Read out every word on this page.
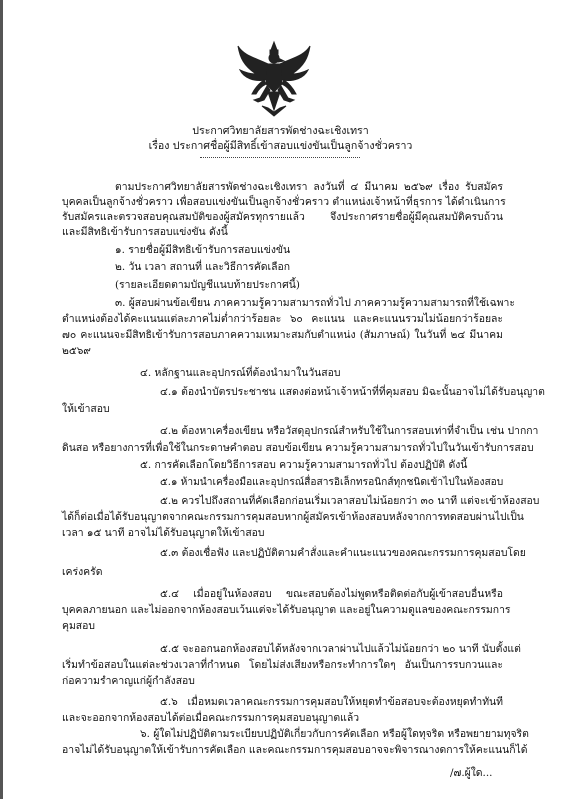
ประกาศวิทยาลัยสารพัดช่างฉะเชิงเทรา
เรื่อง ประกาศชื่อผู้มีสิทธิ์เข้าสอบแข่งขันเป็นลูกจ้างชั่วคราว
ตามประกาศวิทยาลัยสารพัดช่างฉะเชิงเทรา ลงวันที่ ๔ มีนาคม ๒๕๖๙ เรื่อง รับสมัคร
บุคคลเป็นลูกจ้างชั่วคราว เพื่อสอบแข่งขันเป็นลูกจ้างชั่วคราว ตำแหน่งเจ้าหน้าที่ธุรการ ได้ดำเนินการ
รับสมัครและตรวจสอบคุณสมบัติของผู้สมัครทุกรายแล้ว จึงประกาศรายชื่อผู้มีคุณสมบัติครบถ้วน
และมีสิทธิเข้ารับการสอบแข่งขัน ดังนี้
๑. รายชื่อผู้มีสิทธิเข้ารับการสอบแข่งขัน
๒. วัน เวลา สถานที่ และวิธีการคัดเลือก
(รายละเอียดตามบัญชีแนบท้ายประกาศนี้)
๓. ผู้สอบผ่านข้อเขียน ภาคความรู้ความสามารถทั่วไป ภาคความรู้ความสามารถที่ใช้เฉพาะ
ตำแหน่งต้องได้คะแนนแต่ละภาคไม่ต่ำกว่าร้อยละ ๖๐ คะแนน และคะแนนรวมไม่น้อยกว่าร้อยละ
๗๐ คะแนนจะมีสิทธิเข้ารับการสอบภาคความเหมาะสมกับตำแหน่ง (สัมภาษณ์) ในวันที่ ๒๔ มีนาคม
๒๕๖๙
๔. หลักฐานและอุปกรณ์ที่ต้องนำมาในวันสอบ
๔.๑ ต้องนำบัตรประชาชน แสดงต่อหน้าเจ้าหน้าที่ที่คุมสอบ มิฉะนั้นอาจไม่ได้รับอนุญาต
ให้เข้าสอบ
๔.๒ ต้องหาเครื่องเขียน หรือวัสดุอุปกรณ์สำหรับใช้ในการสอบเท่าที่จำเป็น เช่น ปากกา
ดินสอ หรือยางการที่เพื่อใช้ในกระดาษคำตอบ สอบข้อเขียน ความรู้ความสามารถทั่วไปในวันเข้ารับการสอบ
๕. การคัดเลือกโดยวิธีการสอบ ความรู้ความสามารถทั่วไป ต้องปฏิบัติ ดังนี้
๕.๑ ห้ามนำเครื่องมือและอุปกรณ์สื่อสารอิเล็กทรอนิกส์ทุกชนิดเข้าไปในห้องสอบ
๕.๒ ควรไปถึงสถานที่คัดเลือกก่อนเริ่มเวลาสอบไม่น้อยกว่า ๓๐ นาที แต่จะเข้าห้องสอบ
ได้ก็ต่อเมื่อได้รับอนุญาตจากคณะกรรมการคุมสอบหากผู้สมัครเข้าห้องสอบหลังจากการทดสอบผ่านไปเป็น
เวลา ๑๕ นาที อาจไม่ได้รับอนุญาตให้เข้าสอบ
๕.๓ ต้องเชื่อฟัง และปฏิบัติตามคำสั่งและคำแนะแนวของคณะกรรมการคุมสอบโดย
เคร่งครัด
๕.๔ เมื่ออยู่ในห้องสอบ ขณะสอบต้องไม่พูดหรือติดต่อกับผู้เข้าสอบอื่นหรือ
บุคคลภายนอก และไม่ออกจากห้องสอบเว้นแต่จะได้รับอนุญาต และอยู่ในความดูแลของคณะกรรมการ
คุมสอบ
๕.๕ จะออกนอกห้องสอบได้หลังจากเวลาผ่านไปแล้วไม่น้อยกว่า ๒๐ นาที นับตั้งแต่
เริ่มทำข้อสอบในแต่ละช่วงเวลาที่กำหนด โดยไม่ส่งเสียงหรือกระทำการใดๆ อันเป็นการรบกวนและ
ก่อความรำคาญแก่ผู้กำลังสอบ
๕.๖ เมื่อหมดเวลาคณะกรรมการคุมสอบให้หยุดทำข้อสอบจะต้องหยุดทำทันที
และจะออกจากห้องสอบได้ต่อเมื่อคณะกรรมการคุมสอบอนุญาตแล้ว
๖. ผู้ใดไม่ปฏิบัติตามระเบียบปฏิบัติเกี่ยวกับการคัดเลือก หรือผู้ใดทุจริต หรือพยายามทุจริต
อาจไม่ได้รับอนุญาตให้เข้ารับการคัดเลือก และคณะกรรมการคุมสอบอาจจะพิจารณางดการให้คะแนนก็ได้
/๗.ผู้ใด...
